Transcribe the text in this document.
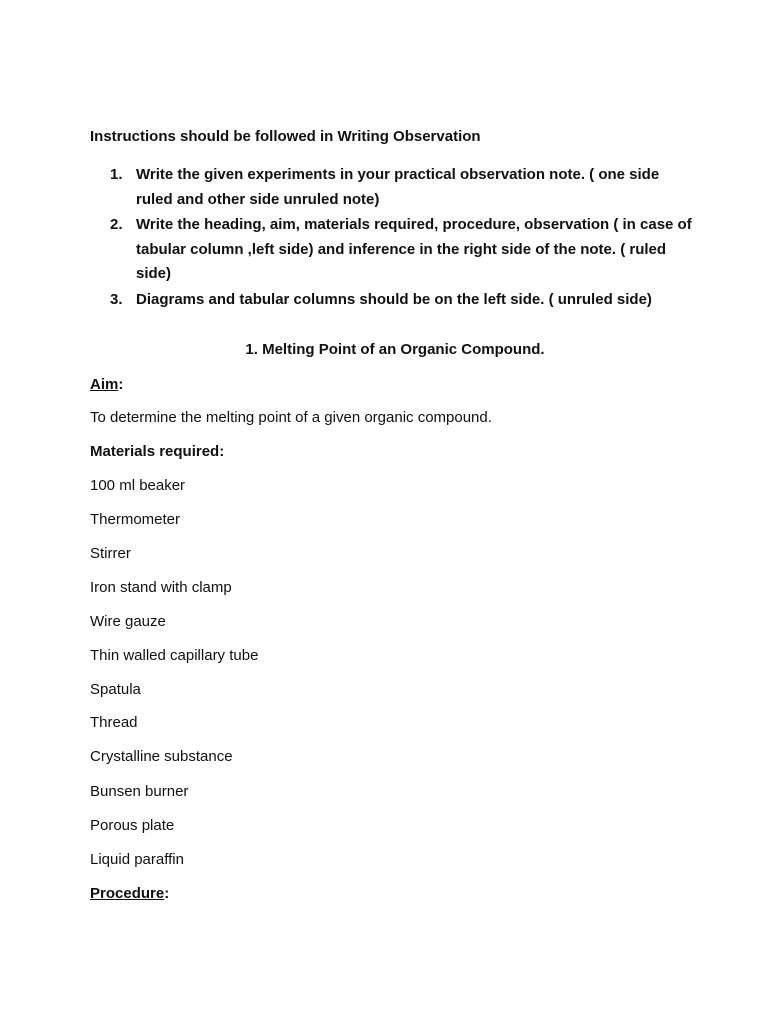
Instructions should be followed in Writing Observation
1. Write the given experiments in your practical observation note. ( one side ruled and other side unruled note)
2. Write the heading, aim, materials required, procedure, observation ( in case of tabular column ,left side) and inference in the right side of the note. ( ruled side)
3. Diagrams and tabular columns should be on the left side. ( unruled side)
1. Melting Point of an Organic Compound.
Aim:
To determine the melting point of a given organic compound.
Materials required:
100 ml beaker
Thermometer
Stirrer
Iron stand with clamp
Wire gauze
Thin walled capillary tube
Spatula
Thread
Crystalline substance
Bunsen burner
Porous plate
Liquid paraffin
Procedure:
